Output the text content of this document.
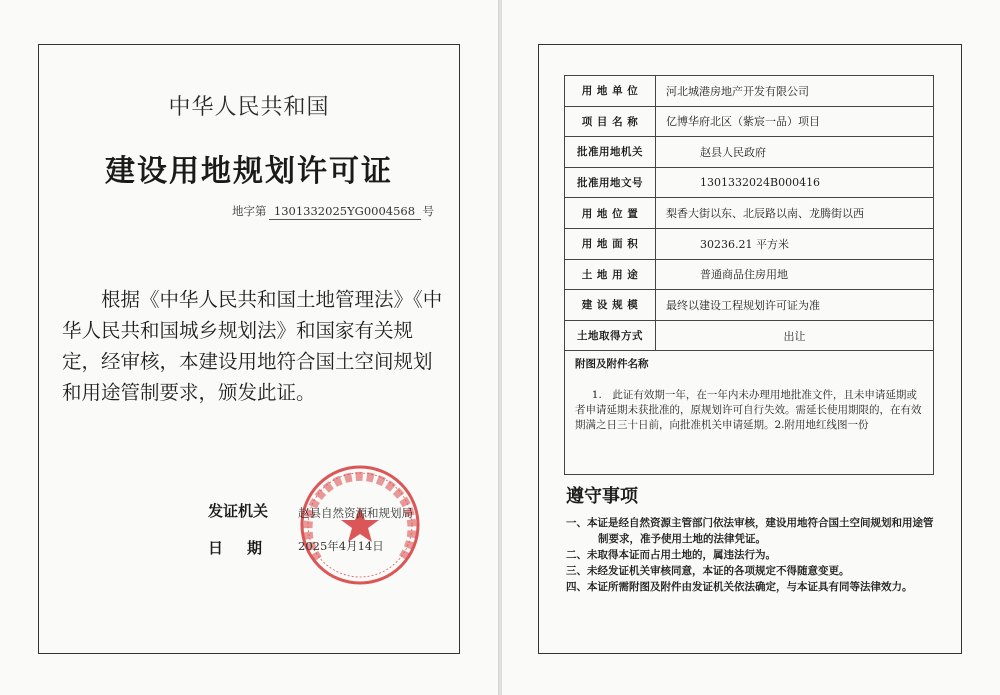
中华人民共和国
建设用地规划许可证
地字第 1301332025YG0004568 号
根据《中华人民共和国土地管理法》《中华人民共和国城乡规划法》和国家有关规定，经审核，本建设用地符合国土空间规划和用途管制要求，颁发此证。
发证机关	赵县自然资源和规划局
日期 2025年4月14日
用 地 单 位	河北城港房地产开发有限公司
项 目 名 称	亿博华府北区（紫宸一品）项目
批准用地机关	赵县人民政府
批准用地文号	1301332024B000416
用 地 位 置	梨香大街以东、北辰路以南、龙腾街以西
用 地 面 积	30236.21 平方米
土 地 用 途	普通商品住房用地
建 设 规 模	最终以建设工程规划许可证为准
土地取得方式	出让

附图及附件名称
1.　此证有效期一年，在一年内未办理用地批准文件，且未申请延期或者申请延期未获批准的，原规划许可自行失效。需延长使用期限的，在有效期满之日三十日前，向批准机关申请延期。2.附用地红线图一份	
遵守事项
一、本证是经自然资源主管部门依法审核，建设用地符合国土空间规划和用途管制要求，准予使用土地的法律凭证。
二、未取得本证而占用土地的，属违法行为。
三、未经发证机关审核同意，本证的各项规定不得随意变更。
四、本证所需附图及附件由发证机关依法确定，与本证具有同等法律效力。
